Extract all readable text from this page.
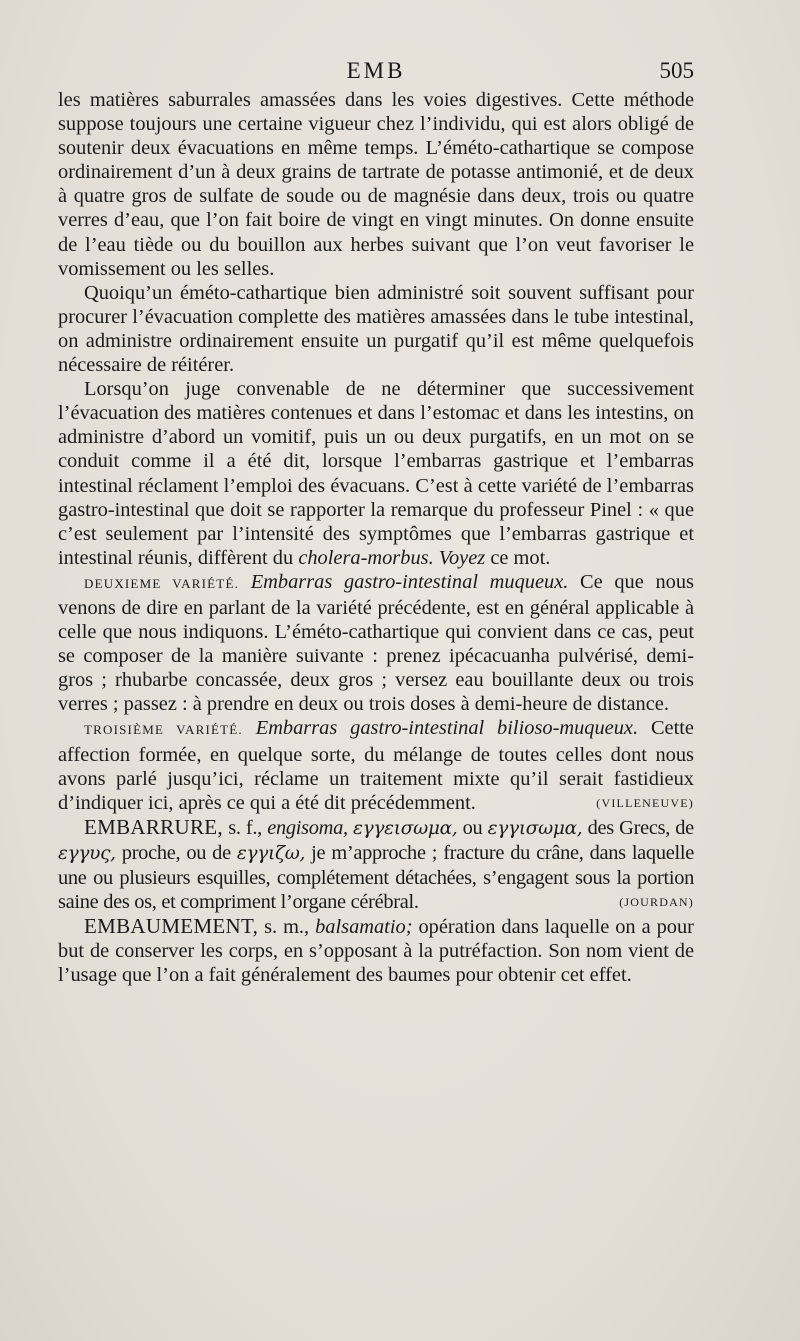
EMB	505

les matières saburrales amassées dans les voies digestives. Cette méthode suppose toujours une certaine vigueur chez l’individu, qui est alors obligé de soutenir deux évacuations en même temps. L’éméto-cathartique se compose ordinairement d’un à deux grains de tartrate de potasse antimonié, et de deux à quatre gros de sulfate de soude ou de magnésie dans deux, trois ou quatre verres d’eau, que l’on fait boire de vingt en vingt minutes. On donne ensuite de l’eau tiède ou du bouillon aux herbes suivant que l’on veut favoriser le vomissement ou les selles.

Quoiqu’un éméto-cathartique bien administré soit souvent suffisant pour procurer l’évacuation complette des matières amassées dans le tube intestinal, on administre ordinairement ensuite un purgatif qu’il est même quelquefois nécessaire de réitérer.

Lorsqu’on juge convenable de ne déterminer que successivement l’évacuation des matières contenues et dans l’estomac et dans les intestins, on administre d’abord un vomitif, puis un ou deux purgatifs, en un mot on se conduit comme il a été dit, lorsque l’embarras gastrique et l’embarras intestinal réclament l’emploi des évacuans. C’est à cette variété de l’embarras gastro-intestinal que doit se rapporter la remarque du professeur Pinel : « que c’est seulement par l’intensité des symptômes que l’embarras gastrique et intestinal réunis, diffèrent du cholera-morbus. Voyez ce mot.

DEUXIEME VARIÉTÉ. Embarras gastro-intestinal muqueux. Ce que nous venons de dire en parlant de la variété précédente, est en général applicable à celle que nous indiquons. L’éméto-cathartique qui convient dans ce cas, peut se composer de la manière suivante : prenez ipécacuanha pulvérisé, demi-gros ; rhubarbe concassée, deux gros ; versez eau bouillante deux ou trois verres ; passez : à prendre en deux ou trois doses à demi-heure de distance.

TROISIÈME VARIÉTÉ. Embarras gastro-intestinal bilioso-muqueux. Cette affection formée, en quelque sorte, du mélange de toutes celles dont nous avons parlé jusqu’ici, réclame un traitement mixte qu’il serait fastidieux d’indiquer ici, après ce qui a été dit précédemment.	(VILLENEUVE)

EMBARRURE, s. f., engisoma, εγγεισωμα, ou εγγισωμα, des Grecs, de εγγυς, proche, ou de εγγιζω, je m’approche ; fracture du crâne, dans laquelle une ou plusieurs esquilles, complétement détachées, s’engagent sous la portion saine des os, et compriment l’organe cérébral.	(JOURDAN)

EMBAUMEMENT, s. m., balsamatio; opération dans laquelle on a pour but de conserver les corps, en s’opposant à la putréfaction. Son nom vient de l’usage que l’on a fait généralement des baumes pour obtenir cet effet.
